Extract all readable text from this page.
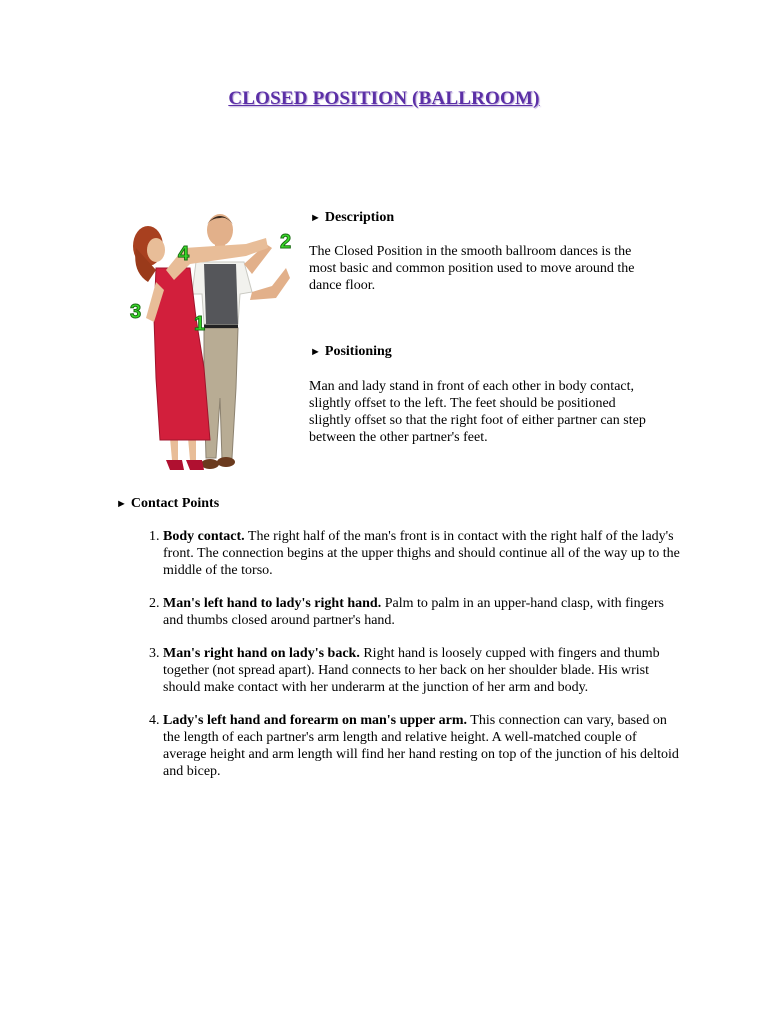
CLOSED POSITION (BALLROOM)
4
2
3
1
► Description
The Closed Position in the smooth ballroom dances is the most basic and common position used to move around the dance floor.
► Positioning
Man and lady stand in front of each other in body contact, slightly offset to the left. The feet should be positioned slightly offset so that the right foot of either partner can step between the other partner's feet.
► Contact Points
1. Body contact. The right half of the man's front is in contact with the right half of the lady's front. The connection begins at the upper thighs and should continue all of the way up to the middle of the torso.
2. Man's left hand to lady's right hand. Palm to palm in an upper-hand clasp, with fingers and thumbs closed around partner's hand.
3. Man's right hand on lady's back. Right hand is loosely cupped with fingers and thumb together (not spread apart). Hand connects to her back on her shoulder blade. His wrist should make contact with her underarm at the junction of her arm and body.
4. Lady's left hand and forearm on man's upper arm. This connection can vary, based on the length of each partner's arm length and relative height. A well-matched couple of average height and arm length will find her hand resting on top of the junction of his deltoid and bicep.
